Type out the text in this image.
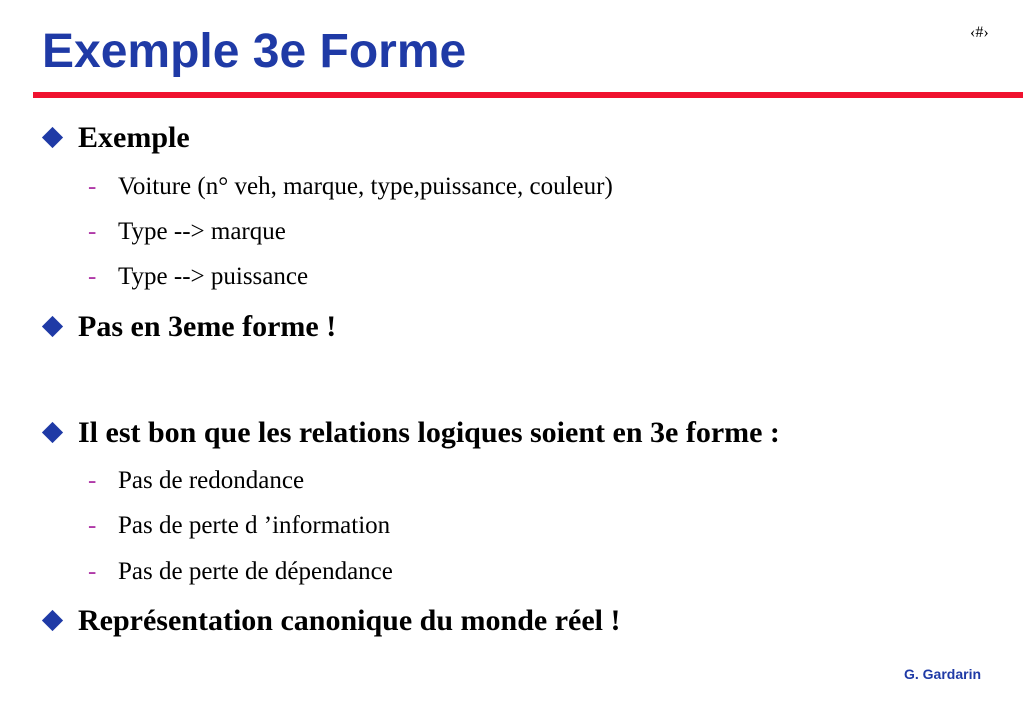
Exemple 3e Forme	‹#›
Exemple
- Voiture (n° veh, marque, type,puissance, couleur)
- Type --> marque
- Type --> puissance
Pas en 3eme forme !
Il est bon que les relations logiques soient en 3e forme :
- Pas de redondance
- Pas de perte d ’information
- Pas de perte de dépendance
Représentation canonique du monde réel !
G. Gardarin
